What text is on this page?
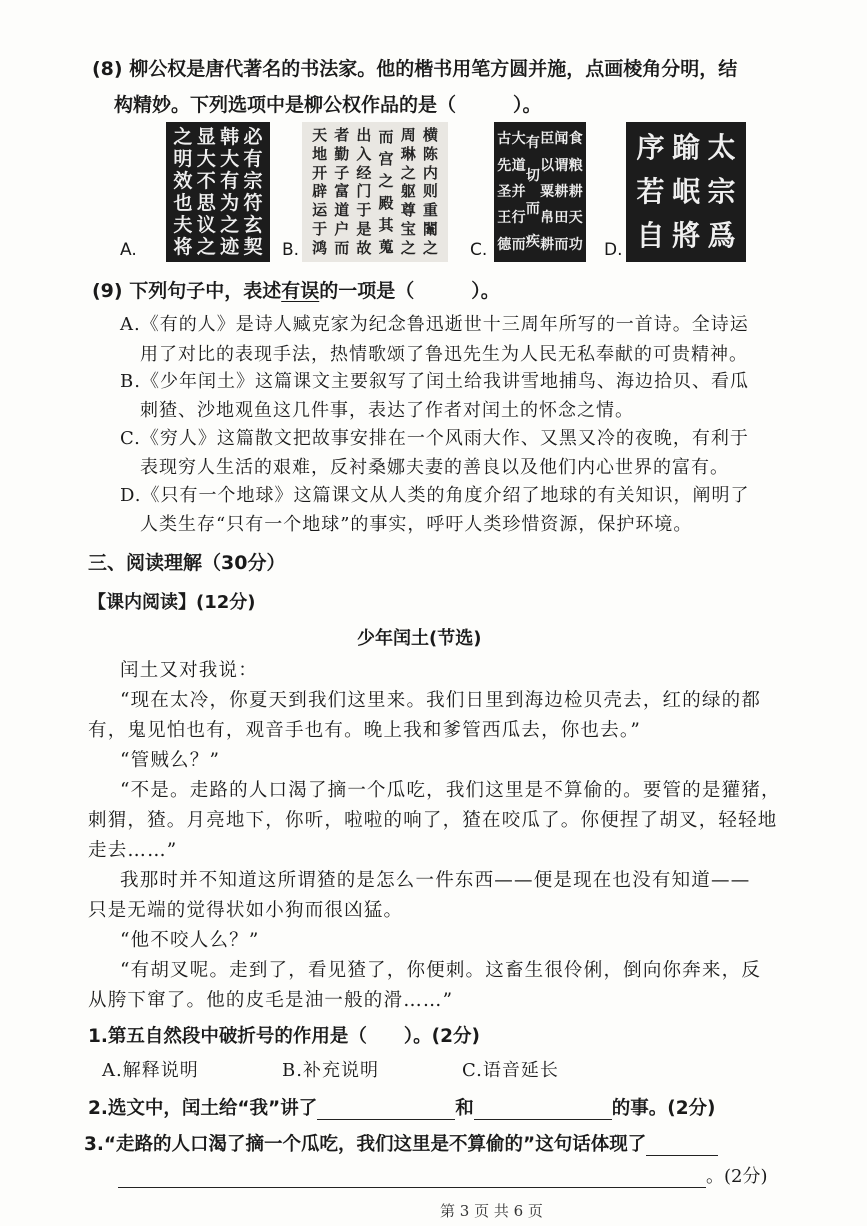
(8) 柳公权是唐代著名的书法家。他的楷书用笔方圆并施，点画棱角分明，结
构精妙。下列选项中是柳公权作品的是（　　　）。
A.
必
有
宗
符
玄
契
韩
大
有
为
之
迹
显
大
不
思
议
之
之
明
效
也
夫
将	B.
横
陈
内
则
重
闈
之
周
琳
之
躯
尊
宝
之
而
宫
之
殿
其
蒐
出
入
经
门
于
是
故
者
勤
子
富
道
户
而
天
地
开
辟
运
于
鸿	C.
食
粮
耕
天
功
闻
谓
耕
田
而
臣
以
粟
帛
耕
有
切
而
疾
大
道
并
行
而
古
先
圣
王
德	D.
太
宗
爲
踰
岷
將
序
若
自
(9) 下列句子中，表述有误的一项是（　　　）。
A.《有的人》是诗人臧克家为纪念鲁迅逝世十三周年所写的一首诗。全诗运
用了对比的表现手法，热情歌颂了鲁迅先生为人民无私奉献的可贵精神。
B.《少年闰土》这篇课文主要叙写了闰土给我讲雪地捕鸟、海边拾贝、看瓜
刺猹、沙地观鱼这几件事，表达了作者对闰土的怀念之情。
C.《穷人》这篇散文把故事安排在一个风雨大作、又黑又冷的夜晚，有利于
表现穷人生活的艰难，反衬桑娜夫妻的善良以及他们内心世界的富有。
D.《只有一个地球》这篇课文从人类的角度介绍了地球的有关知识，阐明了
人类生存“只有一个地球”的事实，呼吁人类珍惜资源，保护环境。
三、阅读理解（30分）
【课内阅读】(12分)
少年闰土(节选)
闰土又对我说：
“现在太冷，你夏天到我们这里来。我们日里到海边检贝壳去，红的绿的都
有，鬼见怕也有，观音手也有。晚上我和爹管西瓜去，你也去。”
“管贼么？”
“不是。走路的人口渴了摘一个瓜吃，我们这里是不算偷的。要管的是獾猪，
刺猬，猹。月亮地下，你听，啦啦的响了，猹在咬瓜了。你便捏了胡叉，轻轻地
走去……”
我那时并不知道这所谓猹的是怎么一件东西——便是现在也没有知道——
只是无端的觉得状如小狗而很凶猛。
“他不咬人么？”
“有胡叉呢。走到了，看见猹了，你便刺。这畜生很伶俐，倒向你奔来，反
从胯下窜了。他的皮毛是油一般的滑……”
1.第五自然段中破折号的作用是（　　）。(2分)
A.解释说明	B.补充说明	C.语音延长
2.选文中，闰土给“我”讲了	和	的事。(2分)
3.“走路的人口渴了摘一个瓜吃，我们这里是不算偷的”这句话体现了
。(2分)
第 3 页 共 6 页
